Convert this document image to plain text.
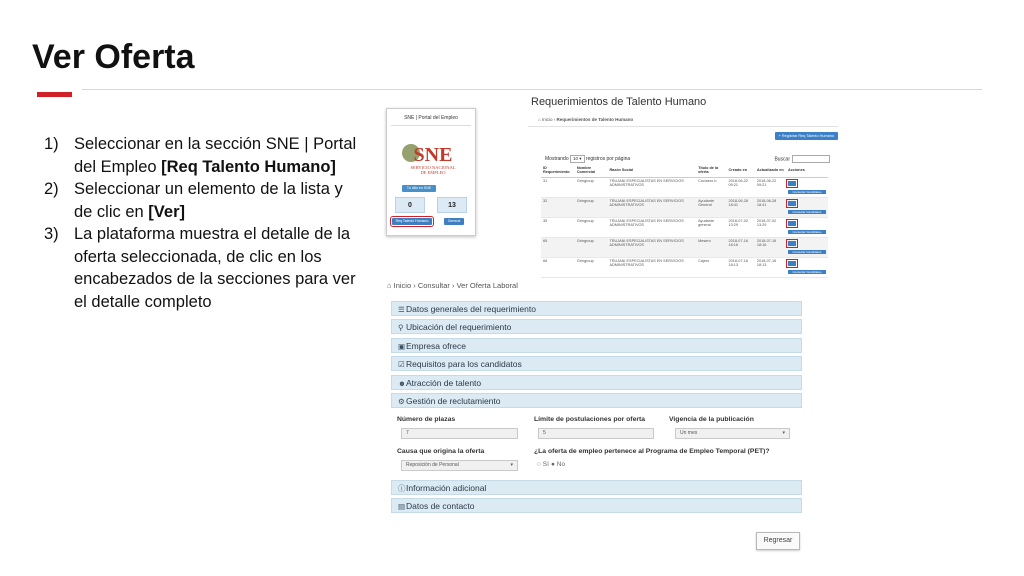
Ver Oferta
1) Seleccionar en la sección SNE | Portal del Empleo [Req Talento Humano]
2) Seleccionar un elemento de la lista y de clic en [Ver]
3) La plataforma muestra el detalle de la oferta seleccionada, de clic en los encabezados de la secciones para ver el detalle completo
SNE | Portal del Empleo
SNE
SERVICIO NACIONAL
DE EMPLEO
Tu sitio en SNE
0	13
Req Talento Humano	General
Requerimientos de Talento Humano
⌂ Inicio › Requerimientos de Talento Humano
+ Registrar Req Talento Humano
Mostrando 10 ▾ registros por página	Buscar
ID Requerimiento	Nombre Comercial	Razón Social	Título de la oferta	Creado en	Actualizado en	Acciones
31	Gringroup	TRUJANI ESPECIALISTAS EN SERVICIOS ADMINISTRATIVOS	Cocinero b	2018-06-22 09:21	2018-06-22 09:21	Consultar Candidatos

32	Gringroup	TRUJANI ESPECIALISTAS EN SERVICIOS ADMINISTRATIVOS	Ayudante General	2018-06-28 18:41	2018-06-28 18:41	Consultar Candidatos

35	Gringroup	TRUJANI ESPECIALISTAS EN SERVICIOS ADMINISTRATIVOS	Ayudante general	2018-07-02 13:29	2018-07-02 13:29	Consultar Candidatos

65	Gringroup	TRUJANI ESPECIALISTAS EN SERVICIOS ADMINISTRATIVOS	Mesero	2018-07-16 18:16	2018-07-16 18:16	Consultar Candidatos

66	Gringroup	TRUJANI ESPECIALISTAS EN SERVICIOS ADMINISTRATIVOS	Cajero	2018-07-16 18:13	2018-07-16 18:13	Consultar Candidatos
⌂ Inicio › Consultar › Ver Oferta Laboral
☰Datos generales del requerimiento
⚲ Ubicación del requerimiento
▣Empresa ofrece
☑Requisitos para los candidatos
☻Atracción de talento
⚙Gestión de reclutamiento
Número de plazas
7
Límite de postulaciones por oferta
5
Vigencia de la publicación
Un mes	▾
Causa que origina la oferta
Reposición de Personal	▾
¿La oferta de empleo pertenece al Programa de Empleo Temporal (PET)?
○ Sí ● No
ⓘInformación adicional
▤Datos de contacto
Regresar
